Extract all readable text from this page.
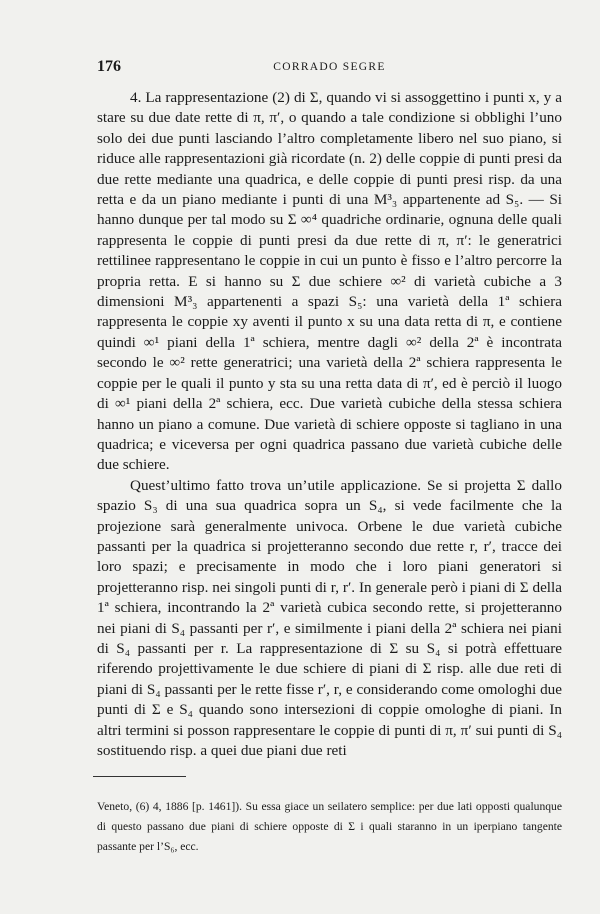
176	CORRADO SEGRE

4. La rappresentazione (2) di Σ, quando vi si assoggettino i punti x, y a stare su due date rette di π, π′, o quando a tale condizione si obblighi l’uno solo dei due punti lasciando l’altro completamente libero nel suo piano, si riduce alle rappresentazioni già ricordate (n. 2) delle coppie di punti presi da due rette mediante una quadrica, e delle coppie di punti presi risp. da una retta e da un piano mediante i punti di una M³₃ appartenente ad S₅. — Si hanno dunque per tal modo su Σ ∞⁴ quadriche ordinarie, ognuna delle quali rappresenta le coppie di punti presi da due rette di π, π′: le generatrici rettilinee rappresentano le coppie in cui un punto è fisso e l’altro percorre la propria retta. E si hanno su Σ due schiere ∞² di varietà cubiche a 3 dimensioni M³₃ appartenenti a spazi S₅: una varietà della 1ª schiera rappresenta le coppie xy aventi il punto x su una data retta di π, e contiene quindi ∞¹ piani della 1ª schiera, mentre dagli ∞² della 2ª è incontrata secondo le ∞² rette generatrici; una varietà della 2ª schiera rappresenta le coppie per le quali il punto y sta su una retta data di π′, ed è perciò il luogo di ∞¹ piani della 2ª schiera, ecc. Due varietà cubiche della stessa schiera hanno un piano a comune. Due varietà di schiere opposte si tagliano in una quadrica; e viceversa per ogni quadrica passano due varietà cubiche delle due schiere.

Quest’ultimo fatto trova un’utile applicazione. Se si projetta Σ dallo spazio S₃ di una sua quadrica sopra un S₄, si vede facilmente che la projezione sarà generalmente univoca. Orbene le due varietà cubiche passanti per la quadrica si projetteranno secondo due rette r, r′, tracce dei loro spazi; e precisamente in modo che i loro piani generatori si projetteranno risp. nei singoli punti di r, r′. In generale però i piani di Σ della 1ª schiera, incontrando la 2ª varietà cubica secondo rette, si projetteranno nei piani di S₄ passanti per r′, e similmente i piani della 2ª schiera nei piani di S₄ passanti per r. La rappresentazione di Σ su S₄ si potrà effettuare riferendo projettivamente le due schiere di piani di Σ risp. alle due reti di piani di S₄ passanti per le rette fisse r′, r, e considerando come omologhi due punti di Σ e S₄ quando sono intersezioni di coppie omologhe di piani. In altri termini si posson rappresentare le coppie di punti di π, π′ sui punti di S₄ sostituendo risp. a quei due piani due reti

Veneto, (6) 4, 1886 [p. 1461]). Su essa giace un seilatero semplice: per due lati opposti qualunque di questo passano due piani di schiere opposte di Σ i quali staranno in un iperpiano tangente passante per l’S₆, ecc.
